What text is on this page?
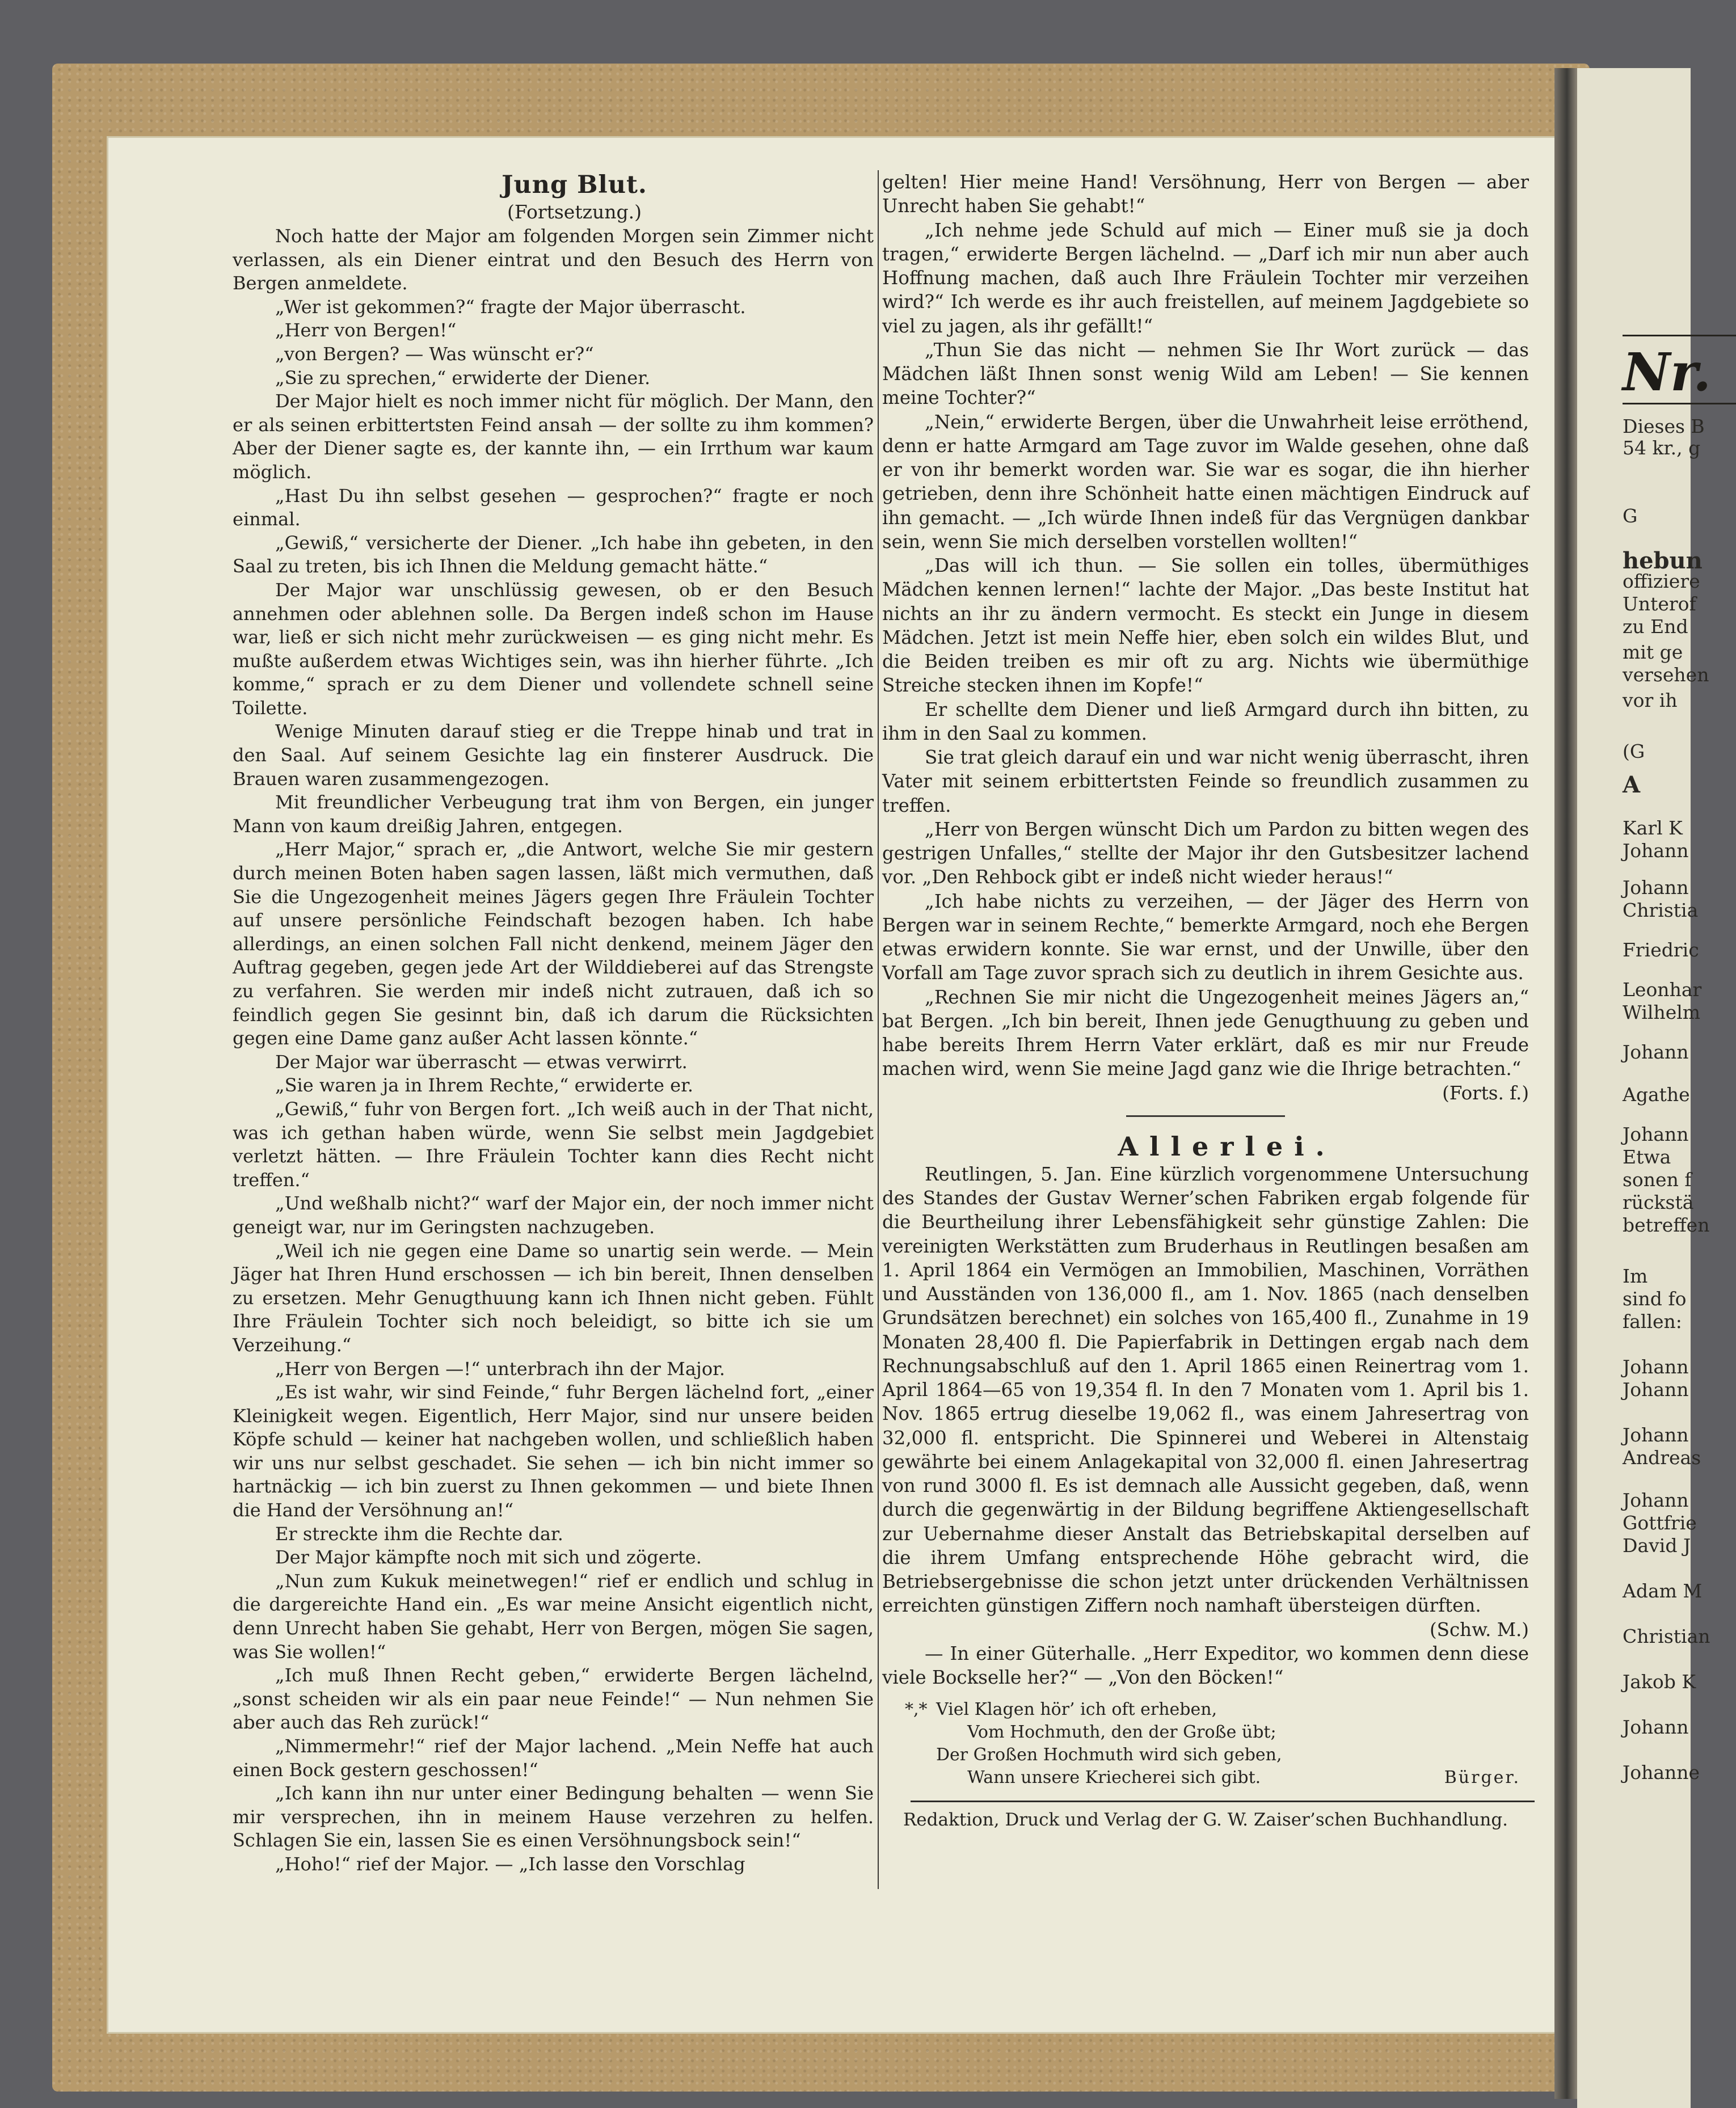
Nr.
Dieses B
54 kr., g
G
hebun
offiziere
Unterof
zu End
mit ge
versehen
vor ih
(G
A
Karl K
Johann
Johann
Christia
Friedric
Leonhar
Wilhelm
Johann
Agathe
Johann
Etwa
sonen f
rückstä
betreffen
Im
sind fo
fallen:
Johann
Johann
Johann
Andreas
Johann
Gottfrie
David J
Adam M
Christian
Jakob K
Johann
Johanne

Jung Blut.

(Fortsetzung.)

Noch hatte der Major am folgenden Morgen sein Zimmer nicht verlassen, als ein Diener eintrat und den Besuch des Herrn von Bergen anmeldete.

„Wer ist gekommen?“ fragte der Major überrascht.

„Herr von Bergen!“

„von Bergen? — Was wünscht er?“

„Sie zu sprechen,“ erwiderte der Diener.

Der Major hielt es noch immer nicht für möglich. Der Mann, den er als seinen erbittertsten Feind ansah — der sollte zu ihm kommen? Aber der Diener sagte es, der kannte ihn, — ein Irrthum war kaum möglich.

„Hast Du ihn selbst gesehen — gesprochen?“ fragte er noch einmal.

„Gewiß,“ versicherte der Diener. „Ich habe ihn gebeten, in den Saal zu treten, bis ich Ihnen die Meldung gemacht hätte.“

Der Major war unschlüssig gewesen, ob er den Besuch annehmen oder ablehnen solle. Da Bergen indeß schon im Hause war, ließ er sich nicht mehr zurückweisen — es ging nicht mehr. Es mußte außerdem etwas Wichtiges sein, was ihn hierher führte. „Ich komme,“ sprach er zu dem Diener und vollendete schnell seine Toilette.

Wenige Minuten darauf stieg er die Treppe hinab und trat in den Saal. Auf seinem Gesichte lag ein finsterer Ausdruck. Die Brauen waren zusammengezogen.

Mit freundlicher Verbeugung trat ihm von Bergen, ein junger Mann von kaum dreißig Jahren, entgegen.

„Herr Major,“ sprach er, „die Antwort, welche Sie mir gestern durch meinen Boten haben sagen lassen, läßt mich vermuthen, daß Sie die Ungezogenheit meines Jägers gegen Ihre Fräulein Tochter auf unsere persönliche Feindschaft bezogen haben. Ich habe allerdings, an einen solchen Fall nicht denkend, meinem Jäger den Auftrag gegeben, gegen jede Art der Wilddieberei auf das Strengste zu verfahren. Sie werden mir indeß nicht zutrauen, daß ich so feindlich gegen Sie gesinnt bin, daß ich darum die Rücksichten gegen eine Dame ganz außer Acht lassen könnte.“

Der Major war überrascht — etwas verwirrt.

„Sie waren ja in Ihrem Rechte,“ erwiderte er.

„Gewiß,“ fuhr von Bergen fort. „Ich weiß auch in der That nicht, was ich gethan haben würde, wenn Sie selbst mein Jagdgebiet verletzt hätten. — Ihre Fräulein Tochter kann dies Recht nicht treffen.“

„Und weßhalb nicht?“ warf der Major ein, der noch immer nicht geneigt war, nur im Geringsten nachzugeben.

„Weil ich nie gegen eine Dame so unartig sein werde. — Mein Jäger hat Ihren Hund erschossen — ich bin bereit, Ihnen denselben zu ersetzen. Mehr Genugthuung kann ich Ihnen nicht geben. Fühlt Ihre Fräulein Tochter sich noch beleidigt, so bitte ich sie um Verzeihung.“

„Herr von Bergen —!“ unterbrach ihn der Major.

„Es ist wahr, wir sind Feinde,“ fuhr Bergen lächelnd fort, „einer Kleinigkeit wegen. Eigentlich, Herr Major, sind nur unsere beiden Köpfe schuld — keiner hat nachgeben wollen, und schließlich haben wir uns nur selbst geschadet. Sie sehen — ich bin nicht immer so hartnäckig — ich bin zuerst zu Ihnen gekommen — und biete Ihnen die Hand der Versöhnung an!“

Er streckte ihm die Rechte dar.

Der Major kämpfte noch mit sich und zögerte.

„Nun zum Kukuk meinetwegen!“ rief er endlich und schlug in die dargereichte Hand ein. „Es war meine Ansicht eigentlich nicht, denn Unrecht haben Sie gehabt, Herr von Bergen, mögen Sie sagen, was Sie wollen!“

„Ich muß Ihnen Recht geben,“ erwiderte Bergen lächelnd, „sonst scheiden wir als ein paar neue Feinde!“ — Nun nehmen Sie aber auch das Reh zurück!“

„Nimmermehr!“ rief der Major lachend. „Mein Neffe hat auch einen Bock gestern geschossen!“

„Ich kann ihn nur unter einer Bedingung behalten — wenn Sie mir versprechen, ihn in meinem Hause verzehren zu helfen. Schlagen Sie ein, lassen Sie es einen Versöhnungsbock sein!“

„Hoho!“ rief der Major. — „Ich lasse den Vorschlag

gelten! Hier meine Hand! Versöhnung, Herr von Bergen — aber Unrecht haben Sie gehabt!“

„Ich nehme jede Schuld auf mich — Einer muß sie ja doch tragen,“ erwiderte Bergen lächelnd. — „Darf ich mir nun aber auch Hoffnung machen, daß auch Ihre Fräulein Tochter mir verzeihen wird?“ Ich werde es ihr auch freistellen, auf meinem Jagdgebiete so viel zu jagen, als ihr gefällt!“

„Thun Sie das nicht — nehmen Sie Ihr Wort zurück — das Mädchen läßt Ihnen sonst wenig Wild am Leben! — Sie kennen meine Tochter?“

„Nein,“ erwiderte Bergen, über die Unwahrheit leise erröthend, denn er hatte Armgard am Tage zuvor im Walde gesehen, ohne daß er von ihr bemerkt worden war. Sie war es sogar, die ihn hierher getrieben, denn ihre Schönheit hatte einen mächtigen Eindruck auf ihn gemacht. — „Ich würde Ihnen indeß für das Vergnügen dankbar sein, wenn Sie mich derselben vorstellen wollten!“

„Das will ich thun. — Sie sollen ein tolles, übermüthiges Mädchen kennen lernen!“ lachte der Major. „Das beste Institut hat nichts an ihr zu ändern vermocht. Es steckt ein Junge in diesem Mädchen. Jetzt ist mein Neffe hier, eben solch ein wildes Blut, und die Beiden treiben es mir oft zu arg. Nichts wie übermüthige Streiche stecken ihnen im Kopfe!“

Er schellte dem Diener und ließ Armgard durch ihn bitten, zu ihm in den Saal zu kommen.

Sie trat gleich darauf ein und war nicht wenig überrascht, ihren Vater mit seinem erbittertsten Feinde so freundlich zusammen zu treffen.

„Herr von Bergen wünscht Dich um Pardon zu bitten wegen des gestrigen Unfalles,“ stellte der Major ihr den Gutsbesitzer lachend vor. „Den Rehbock gibt er indeß nicht wieder heraus!“

„Ich habe nichts zu verzeihen, — der Jäger des Herrn von Bergen war in seinem Rechte,“ bemerkte Armgard, noch ehe Bergen etwas erwidern konnte. Sie war ernst, und der Unwille, über den Vorfall am Tage zuvor sprach sich zu deutlich in ihrem Gesichte aus.

„Rechnen Sie mir nicht die Ungezogenheit meines Jägers an,“ bat Bergen. „Ich bin bereit, Ihnen jede Genugthuung zu geben und habe bereits Ihrem Herrn Vater erklärt, daß es mir nur Freude machen wird, wenn Sie meine Jagd ganz wie die Ihrige betrachten.“

(Forts. f.)

Allerlei.

Reutlingen, 5. Jan. Eine kürzlich vorgenommene Untersuchung des Standes der Gustav Werner’schen Fabriken ergab folgende für die Beurtheilung ihrer Lebensfähigkeit sehr günstige Zahlen: Die vereinigten Werkstätten zum Bruderhaus in Reutlingen besaßen am 1. April 1864 ein Vermögen an Immobilien, Maschinen, Vorräthen und Ausständen von 136,000 fl., am 1. Nov. 1865 (nach denselben Grundsätzen berechnet) ein solches von 165,400 fl., Zunahme in 19 Monaten 28,400 fl. Die Papierfabrik in Dettingen ergab nach dem Rechnungsabschluß auf den 1. April 1865 einen Reinertrag vom 1. April 1864—65 von 19,354 fl. In den 7 Monaten vom 1. April bis 1. Nov. 1865 ertrug dieselbe 19,062 fl., was einem Jahresertrag von 32,000 fl. entspricht. Die Spinnerei und Weberei in Altenstaig gewährte bei einem Anlagekapital von 32,000 fl. einen Jahresertrag von rund 3000 fl. Es ist demnach alle Aussicht gegeben, daß, wenn durch die gegenwärtig in der Bildung begriffene Aktiengesellschaft zur Uebernahme dieser Anstalt das Betriebskapital derselben auf die ihrem Umfang entsprechende Höhe gebracht wird, die Betriebsergebnisse die schon jetzt unter drückenden Verhältnissen erreichten günstigen Ziffern noch namhaft übersteigen dürften.

(Schw. M.)

— In einer Güterhalle. „Herr Expeditor, wo kommen denn diese viele Bockselle her?“ — „Von den Böcken!“

*,* Viel Klagen hör’ ich oft erheben,
Vom Hochmuth, den der Große übt;
Der Großen Hochmuth wird sich geben,
Wann unsere Kriecherei sich gibt.	Bürger.

Redaktion, Druck und Verlag der G. W. Zaiser’schen Buchhandlung.
